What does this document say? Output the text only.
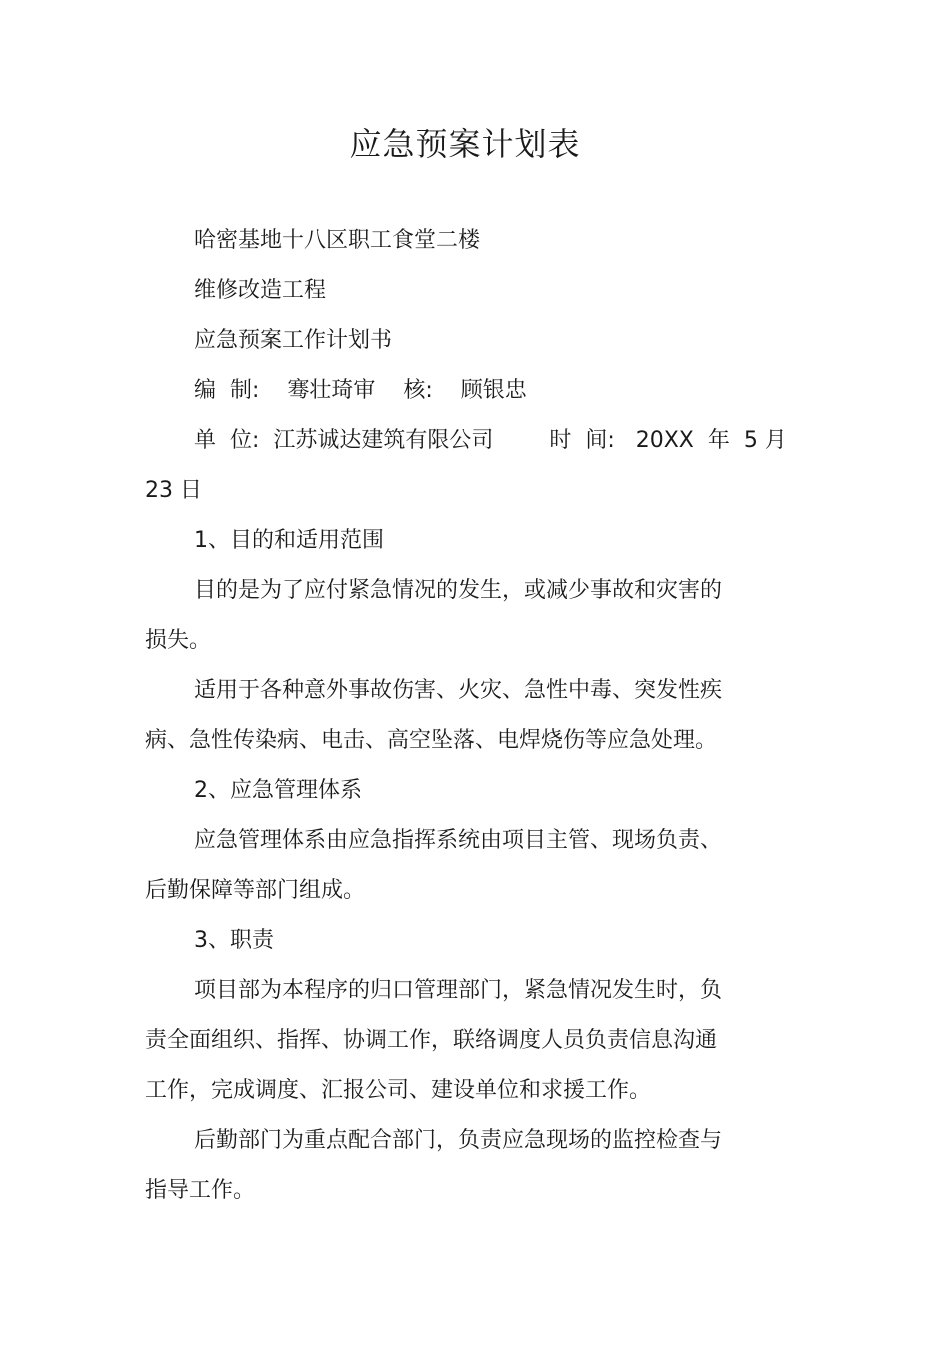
应急预案计划表
哈密基地十八区职工食堂二楼
维修改造工程
应急预案工作计划书
编  制:    骞壮琦审    核:    顾银忠
单  位:  江苏诚达建筑有限公司        时  间:   20XX  年  5 月
23 日
1、目的和适用范围
目的是为了应付紧急情况的发生，或减少事故和灾害的
损失。
适用于各种意外事故伤害、火灾、急性中毒、突发性疾
病、急性传染病、电击、高空坠落、电焊烧伤等应急处理。
2、应急管理体系
应急管理体系由应急指挥系统由项目主管、现场负责、
后勤保障等部门组成。
3、职责
项目部为本程序的归口管理部门，紧急情况发生时，负
责全面组织、指挥、协调工作，联络调度人员负责信息沟通
工作，完成调度、汇报公司、建设单位和求援工作。
后勤部门为重点配合部门，负责应急现场的监控检查与
指导工作。
